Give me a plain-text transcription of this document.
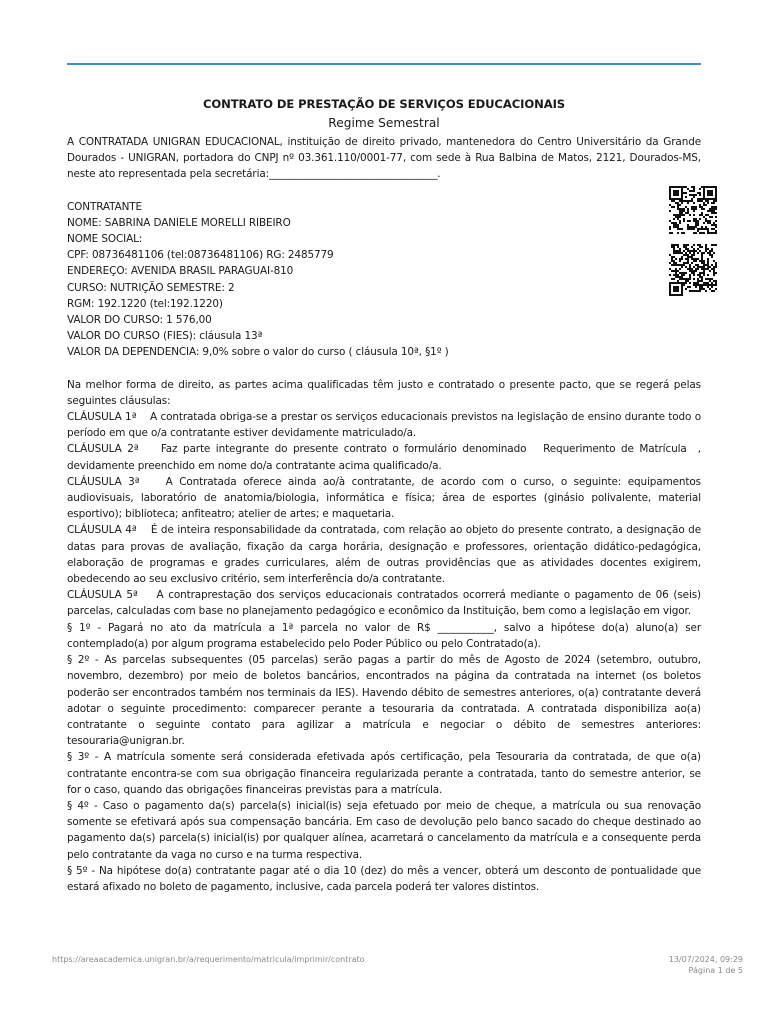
CONTRATO DE PRESTAÇÃO DE SERVIÇOS EDUCACIONAIS
Regime Semestral

A CONTRATADA UNIGRAN EDUCACIONAL, instituição de direito privado, mantenedora do Centro Universitário da Grande Dourados - UNIGRAN, portadora do CNPJ nº 03.361.110/0001-77, com sede à Rua Balbina de Matos, 2121, Dourados-MS, neste ato representada pela secretária:_________________________________.

CONTRATANTE
NOME: SABRINA DANIELE MORELLI RIBEIRO
NOME SOCIAL:
CPF: 08736481106 (tel:08736481106) RG: 2485779
ENDEREÇO: AVENIDA BRASIL PARAGUAI-810
CURSO: NUTRIÇÃO SEMESTRE: 2
RGM: 192.1220 (tel:192.1220)
VALOR DO CURSO: 1 576,00
VALOR DO CURSO (FIES): cláusula 13ª
VALOR DA DEPENDENCIA: 9,0% sobre o valor do curso ( cláusula 10ª, §1º )

Na melhor forma de direito, as partes acima qualificadas têm justo e contratado o presente pacto, que se regerá pelas seguintes cláusulas:

CLÁUSULA 1ª    A contratada obriga-se a prestar os serviços educacionais previstos na legislação de ensino durante todo o período em que o/a contratante estiver devidamente matriculado/a.

CLÁUSULA 2ª    Faz parte integrante do presente contrato o formulário denominado   Requerimento de Matrícula  , devidamente preenchido em nome do/a contratante acima qualificado/a.

CLÁUSULA 3ª    A Contratada oferece ainda ao/à contratante, de acordo com o curso, o seguinte: equipamentos audiovisuais, laboratório de anatomia/biologia, informática e física; área de esportes (ginásio polivalente, material esportivo); biblioteca; anfiteatro; atelier de artes; e maquetaria.

CLÁUSULA 4ª    É de inteira responsabilidade da contratada, com relação ao objeto do presente contrato, a designação de datas para provas de avaliação, fixação da carga horária, designação e professores, orientação didático-pedagógica, elaboração de programas e grades curriculares, além de outras providências que as atividades docentes exigirem, obedecendo ao seu exclusivo critério, sem interferência do/a contratante.

CLÁUSULA 5ª    A contraprestação dos serviços educacionais contratados ocorrerá mediante o pagamento de 06 (seis) parcelas, calculadas com base no planejamento pedagógico e econômico da Instituição, bem como a legislação em vigor.

§ 1º - Pagará no ato da matrícula a 1ª parcela no valor de R$ ___________, salvo a hipótese do(a) aluno(a) ser contemplado(a) por algum programa estabelecido pelo Poder Público ou pelo Contratado(a).

§ 2º - As parcelas subsequentes (05 parcelas) serão pagas a partir do mês de Agosto de 2024 (setembro, outubro, novembro, dezembro) por meio de boletos bancários, encontrados na página da contratada na internet (os boletos poderão ser encontrados também nos terminais da IES). Havendo débito de semestres anteriores, o(a) contratante deverá adotar o seguinte procedimento: comparecer perante a tesouraria da contratada. A contratada disponibiliza ao(a) contratante o seguinte contato para agilizar a matrícula e negociar o débito de semestres anteriores: tesouraria@unigran.br.

§ 3º - A matrícula somente será considerada efetivada após certificação, pela Tesouraria da contratada, de que o(a) contratante encontra-se com sua obrigação financeira regularizada perante a contratada, tanto do semestre anterior, se for o caso, quando das obrigações financeiras previstas para a matrícula.

§ 4º - Caso o pagamento da(s) parcela(s) inicial(is) seja efetuado por meio de cheque, a matrícula ou sua renovação somente se efetivará após sua compensação bancária. Em caso de devolução pelo banco sacado do cheque destinado ao pagamento da(s) parcela(s) inicial(is) por qualquer alínea, acarretará o cancelamento da matrícula e a consequente perda pelo contratante da vaga no curso e na turma respectiva.

§ 5º - Na hipótese do(a) contratante pagar até o dia 10 (dez) do mês a vencer, obterá um desconto de pontualidade que estará afixado no boleto de pagamento, inclusive, cada parcela poderá ter valores distintos.

https://areaacademica.unigran.br/a/requerimento/matricula/imprimir/contrato	13/07/2024, 09:29
Página 1 de 5
